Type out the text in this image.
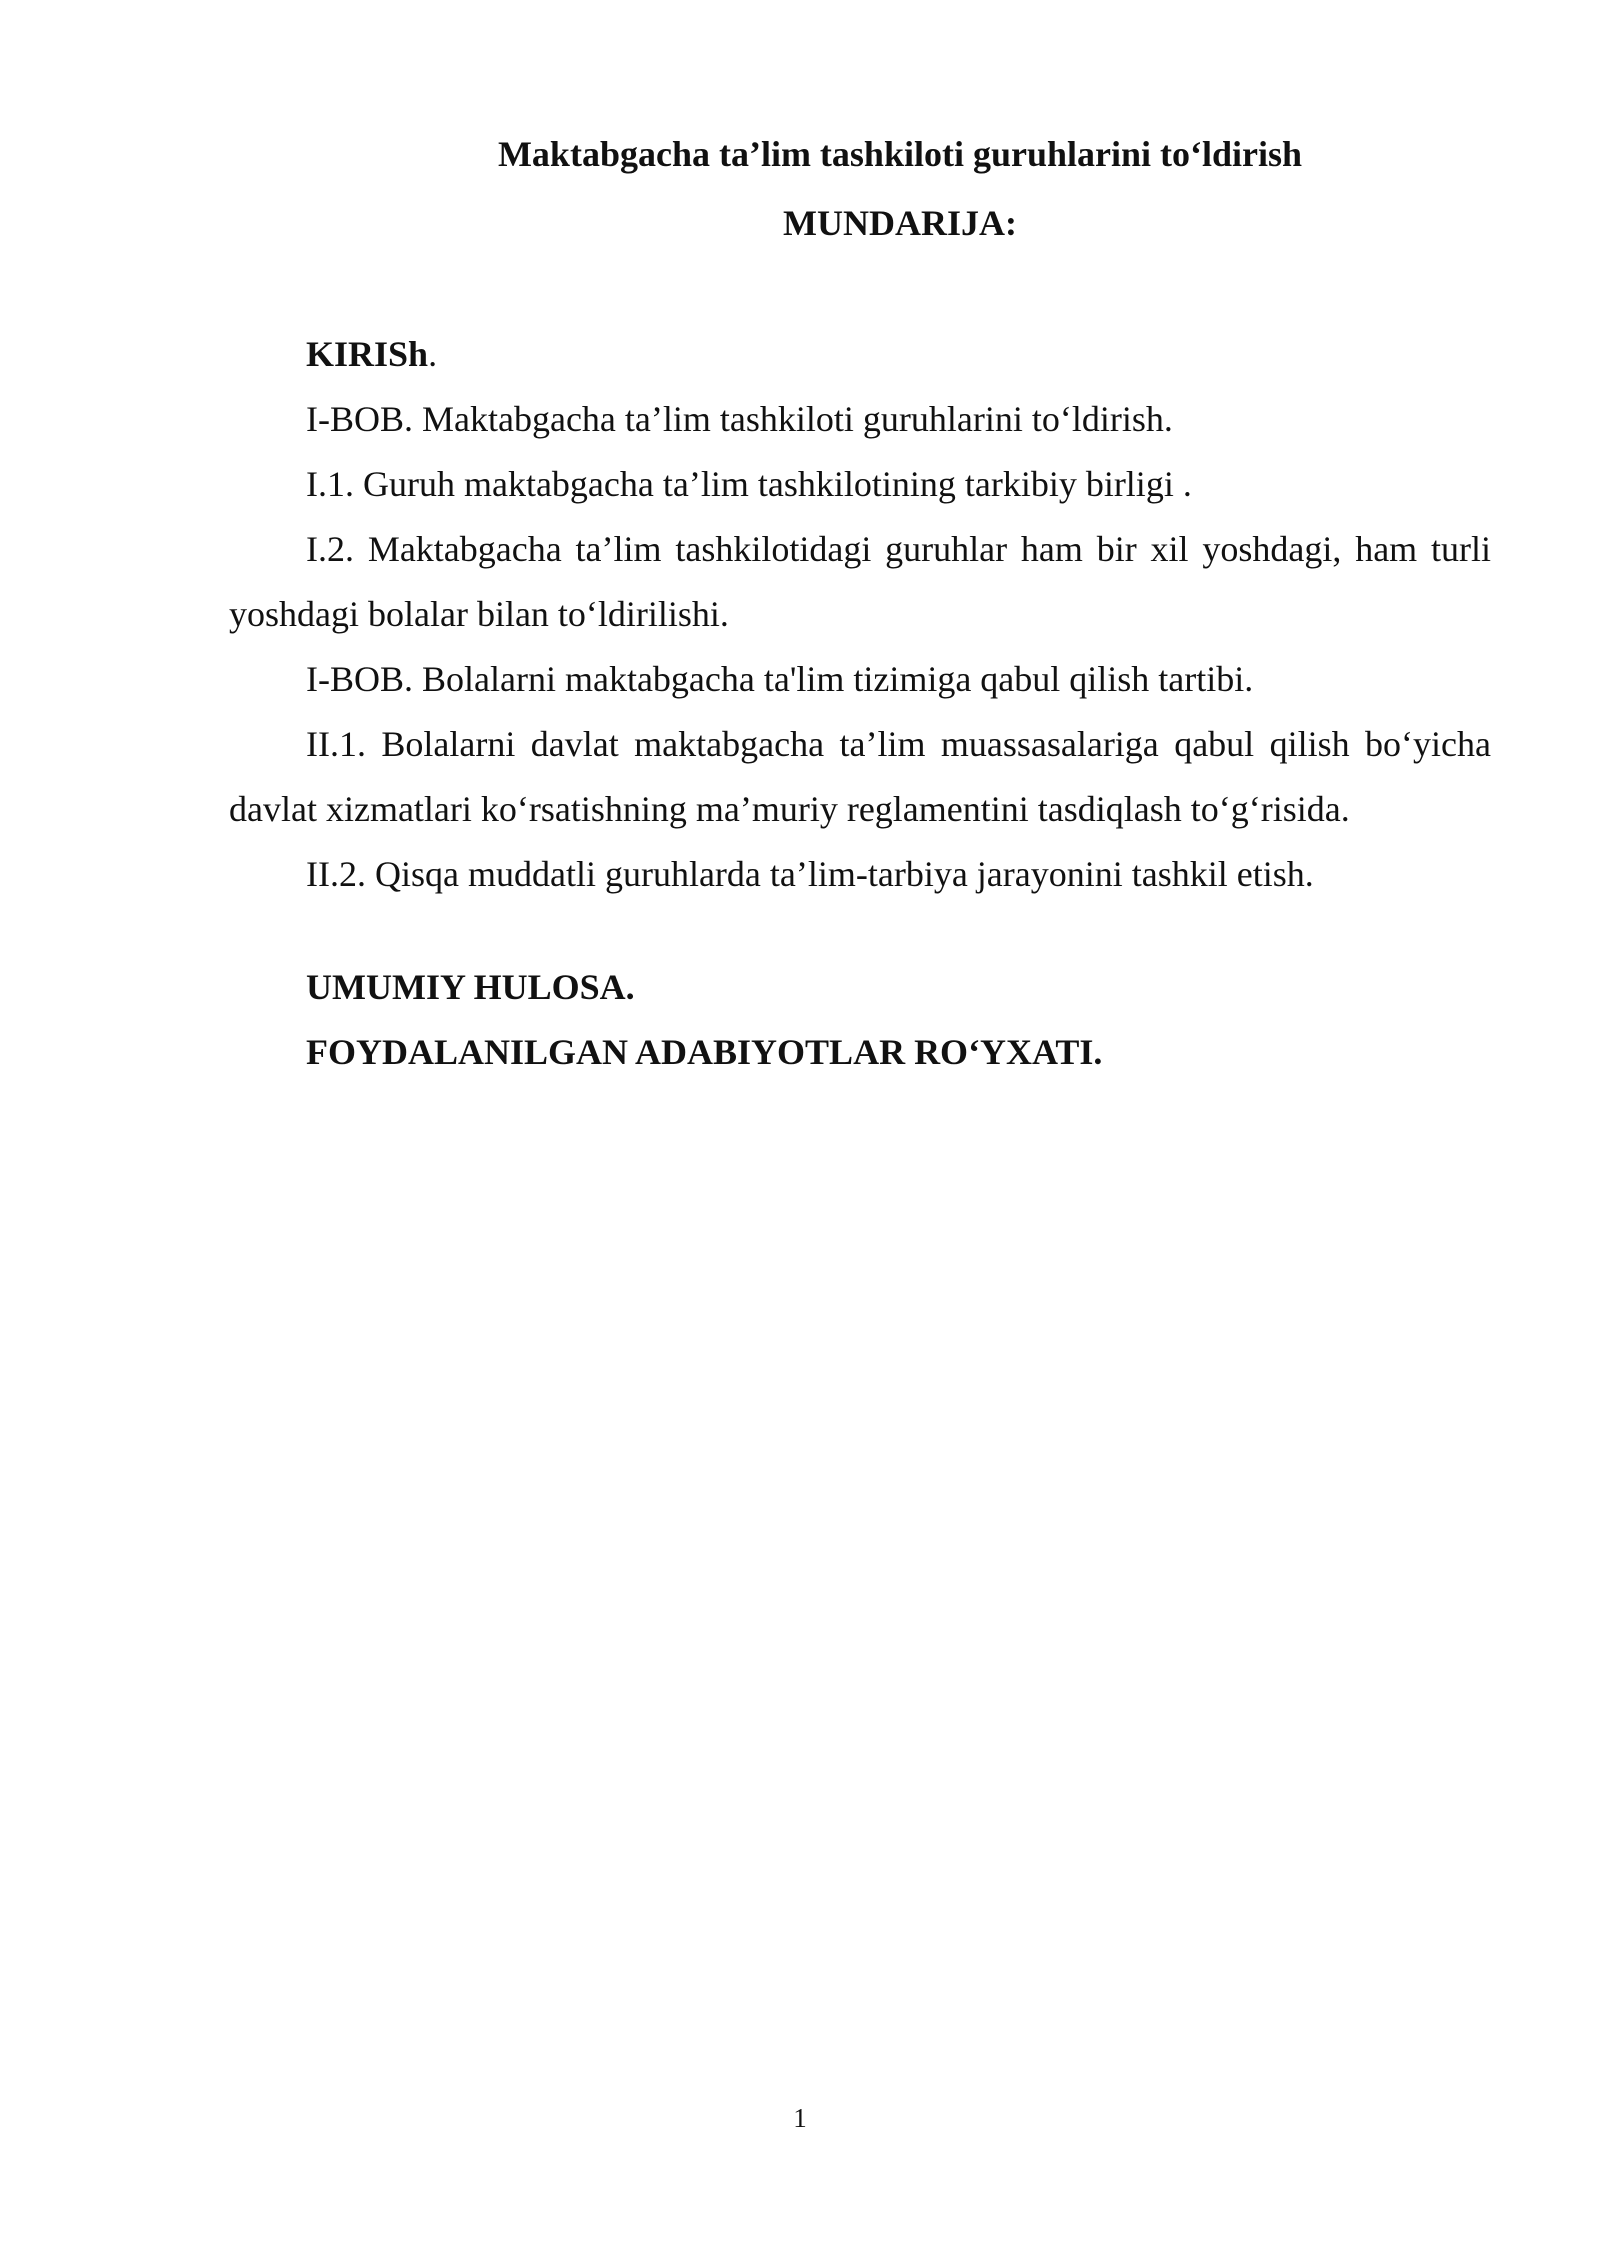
Maktabgacha ta’lim tashkiloti guruhlarini to‘ldirish
MUNDARIJA:

KIRISh.

I-BOB. Maktabgacha ta’lim tashkiloti guruhlarini to‘ldirish.

I.1. Guruh maktabgacha ta’lim tashkilotining tarkibiy birligi .

I.2. Maktabgacha ta’lim tashkilotidagi guruhlar ham bir xil yoshdagi, ham turli yoshdagi bolalar bilan to‘ldirilishi.

I-BOB. Bolalarni maktabgacha ta'lim tizimiga qabul qilish tartibi.

II.1. Bolalarni davlat maktabgacha ta’lim muassasalariga qabul qilish bo‘yicha davlat xizmatlari ko‘rsatishning ma’muriy reglamentini tasdiqlash to‘g‘risida.

II.2. Qisqa muddatli guruhlarda ta’lim-tarbiya jarayonini tashkil etish.

UMUMIY HULOSA.

FOYDALANILGAN ADABIYOTLAR RO‘YXATI.

1
